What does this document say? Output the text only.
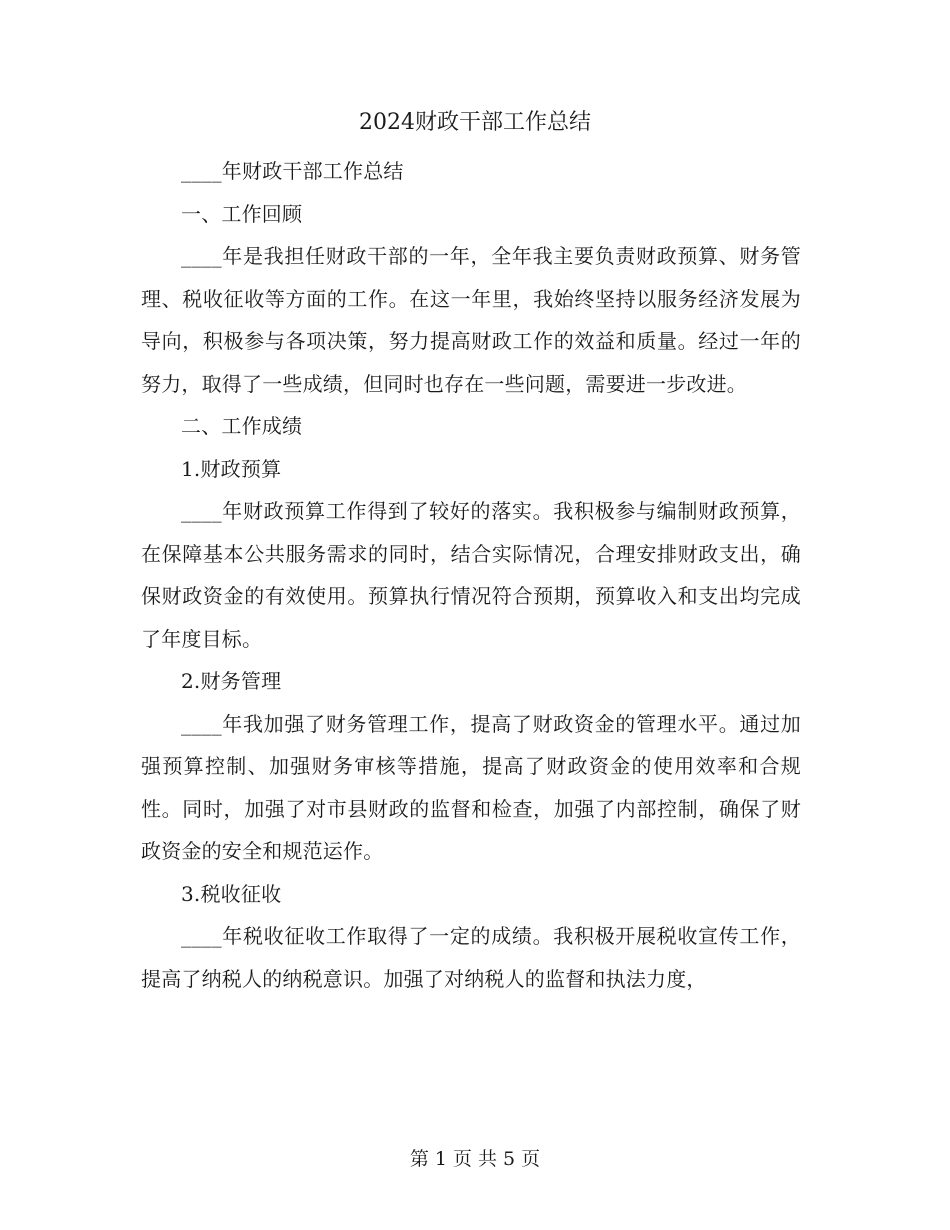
2024财政干部工作总结

____年财政干部工作总结

一、工作回顾

____年是我担任财政干部的一年，全年我主要负责财政预算、财务管理、税收征收等方面的工作。在这一年里，我始终坚持以服务经济发展为导向，积极参与各项决策，努力提高财政工作的效益和质量。经过一年的努力，取得了一些成绩，但同时也存在一些问题，需要进一步改进。

二、工作成绩

1.财政预算

____年财政预算工作得到了较好的落实。我积极参与编制财政预算，在保障基本公共服务需求的同时，结合实际情况，合理安排财政支出，确保财政资金的有效使用。预算执行情况符合预期，预算收入和支出均完成了年度目标。

2.财务管理

____年我加强了财务管理工作，提高了财政资金的管理水平。通过加强预算控制、加强财务审核等措施，提高了财政资金的使用效率和合规性。同时，加强了对市县财政的监督和检查，加强了内部控制，确保了财政资金的安全和规范运作。

3.税收征收

____年税收征收工作取得了一定的成绩。我积极开展税收宣传工作，提高了纳税人的纳税意识。加强了对纳税人的监督和执法力度，

第 1 页 共 5 页
